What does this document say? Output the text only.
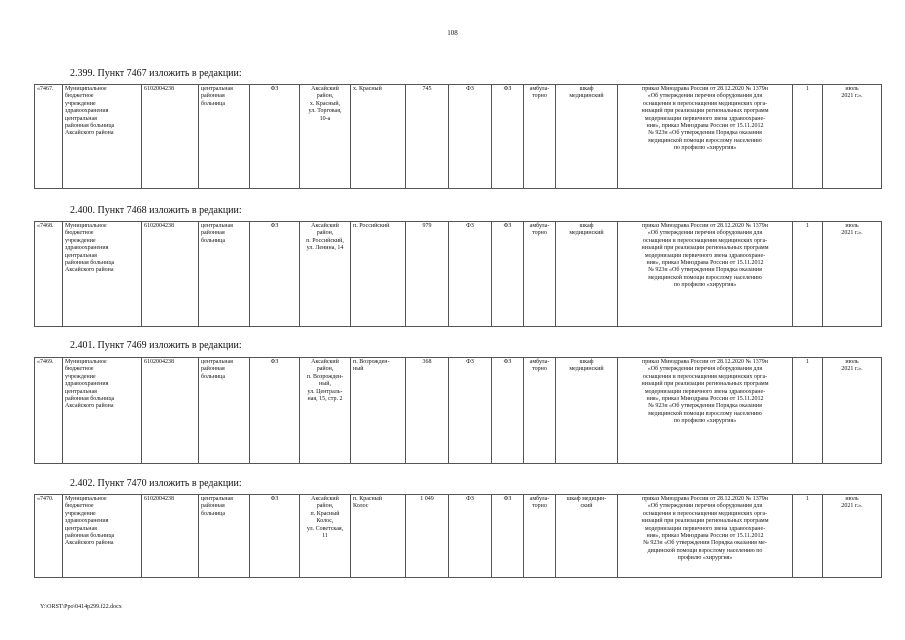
108
2.399. Пункт 7467 изложить в редакции:
«7467.	Муниципальное
бюджетное
учреждение
здравоохранения
центральная
районная больница
Аксайского района
	6102004238	центральная
районная
больница
	ФЗ	Аксайский
район,
х. Красный,
ул. Торговая,
10-а

х. Красный	745	ФЗ	ФЗ	амбула-
торно

шкаф
медицинский

приказ Минздрава России от 28.12.2020 № 1379н
«Об утверждении перечня оборудования для
оснащения и переоснащения медицинских орга-
низаций при реализации региональных программ
модернизации первичного звена здравоохране-
ния», приказ Минздрава России от 15.11.2012
№ 923н «Об утверждении Порядка оказания
медицинской помощи взрослому населению
по профилю «хирургия»
	1	июль
2021 г.».
2.400. Пункт 7468 изложить в редакции:
«7468.	Муниципальное
бюджетное
учреждение
здравоохранения
центральная
районная больница
Аксайского района
	6102004238	центральная
районная
больница
	ФЗ	Аксайский
район,
п. Российский,
ул. Ленина, 14

п. Российский	979	ФЗ	ФЗ	амбула-
торно

шкаф
медицинский

приказ Минздрава России от 28.12.2020 № 1379н
«Об утверждении перечня оборудования для
оснащения и переоснащения медицинских орга-
низаций при реализации региональных программ
модернизации первичного звена здравоохране-
ния», приказ Минздрава России от 15.11.2012
№ 923н «Об утверждении Порядка оказания
медицинской помощи взрослому населению
по профилю «хирургия»
	1	июль
2021 г.».
2.401. Пункт 7469 изложить в редакции:
«7469.	Муниципальное
бюджетное
учреждение
здравоохранения
центральная
районная больница
Аксайского района
	6102004238	центральная
районная
больница
	ФЗ	Аксайский
район,
п. Возрожден-
ный,
ул. Централь-
ная, 15, стр. 2

п. Возрожден-
ный
	368	ФЗ	ФЗ	амбула-
торно

шкаф
медицинский

приказ Минздрава России от 28.12.2020 № 1379н
«Об утверждении перечня оборудования для
оснащения и переоснащения медицинских орга-
низаций при реализации региональных программ
модернизации первичного звена здравоохране-
ния», приказ Минздрава России от 15.11.2012
№ 923н «Об утверждении Порядка оказания
медицинской помощи взрослому населению
по профилю «хирургия»
	1	июль
2021 г.».
2.402. Пункт 7470 изложить в редакции:
«7470.	Муниципальное
бюджетное
учреждение
здравоохранения
центральная
районная больница
Аксайского района
	6102004238	центральная
районная
больница
	ФЗ	Аксайский
район,
п. Красный
Колос,
ул. Советская,
11

п. Красный
Колос
	1 049	ФЗ	ФЗ	амбула-
торно

шкаф медицин-
ский

приказ Минздрава России от 28.12.2020 № 1379н
«Об утверждении перечня оборудования для
оснащения и переоснащения медицинских орга-
низаций при реализации региональных программ
модернизации первичного звена здравоохране-
ния», приказ Минздрава России от 15.11.2012
№ 923н «Об утверждении Порядка оказания ме-
дицинской помощи взрослому населению по
профилю «хирургия»
	1	июль
2021 г.».
Y:\ORST\Ppo\0414p299.f22.docx
